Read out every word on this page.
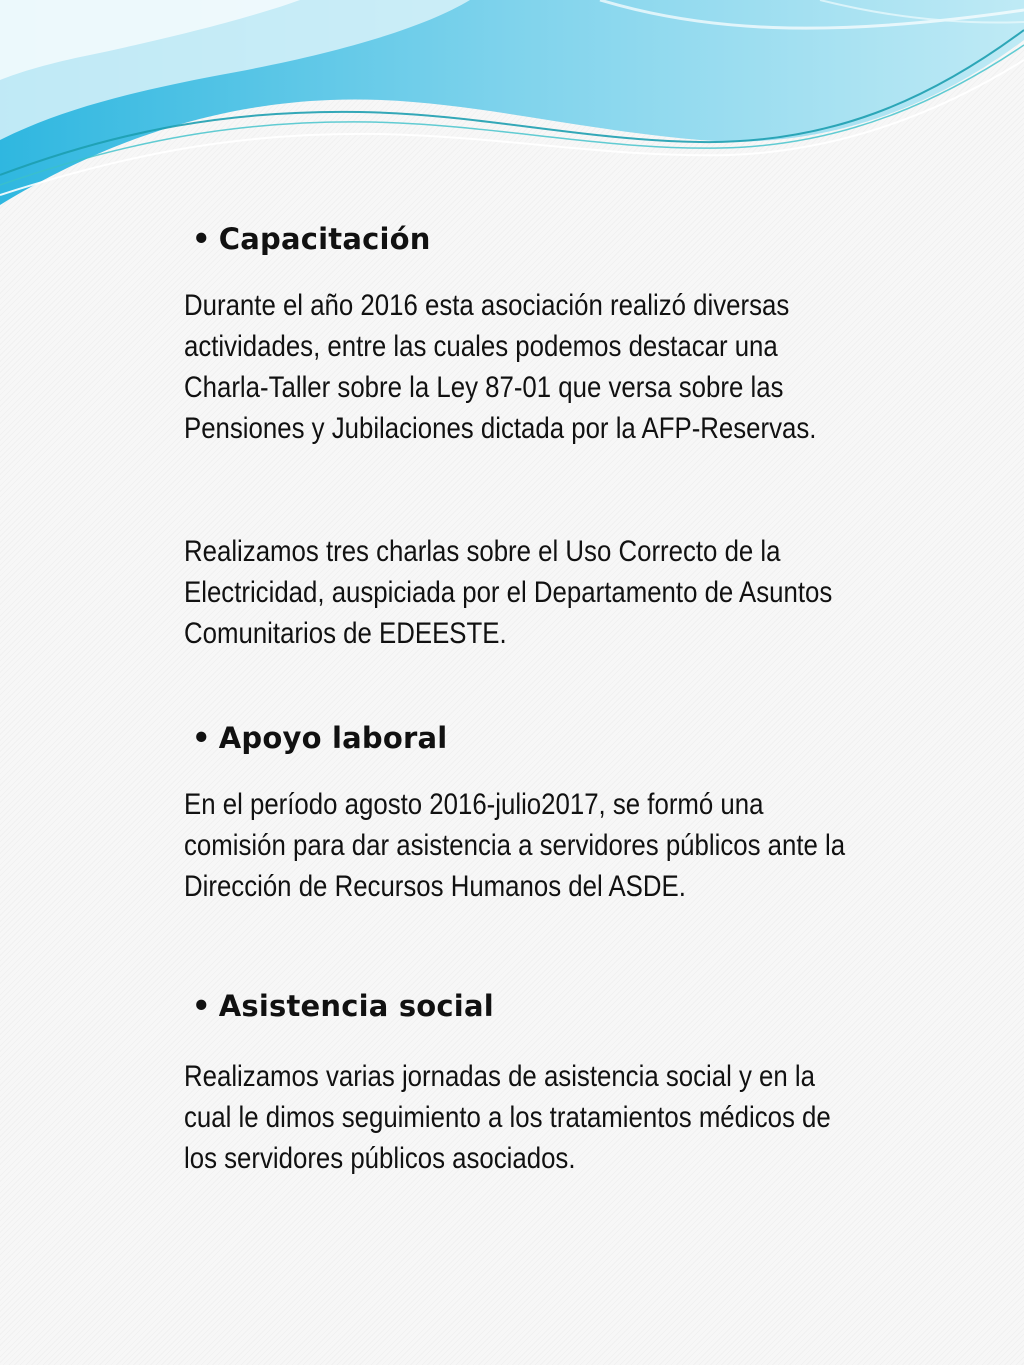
• Capacitación

Durante el año 2016 esta asociación realizó diversas actividades, entre las cuales podemos destacar una Charla-Taller sobre la Ley 87-01 que versa sobre las Pensiones y Jubilaciones dictada por la AFP-Reservas.

Realizamos tres charlas sobre el Uso Correcto de la Electricidad, auspiciada por el Departamento de Asuntos Comunitarios de EDEESTE.

• Apoyo laboral

En el período agosto 2016-julio2017, se formó una comisión para dar asistencia a servidores públicos ante la Dirección de Recursos Humanos del ASDE.

• Asistencia social

Realizamos varias jornadas de asistencia social y en la cual le dimos seguimiento a los tratamientos médicos de los servidores públicos asociados.
